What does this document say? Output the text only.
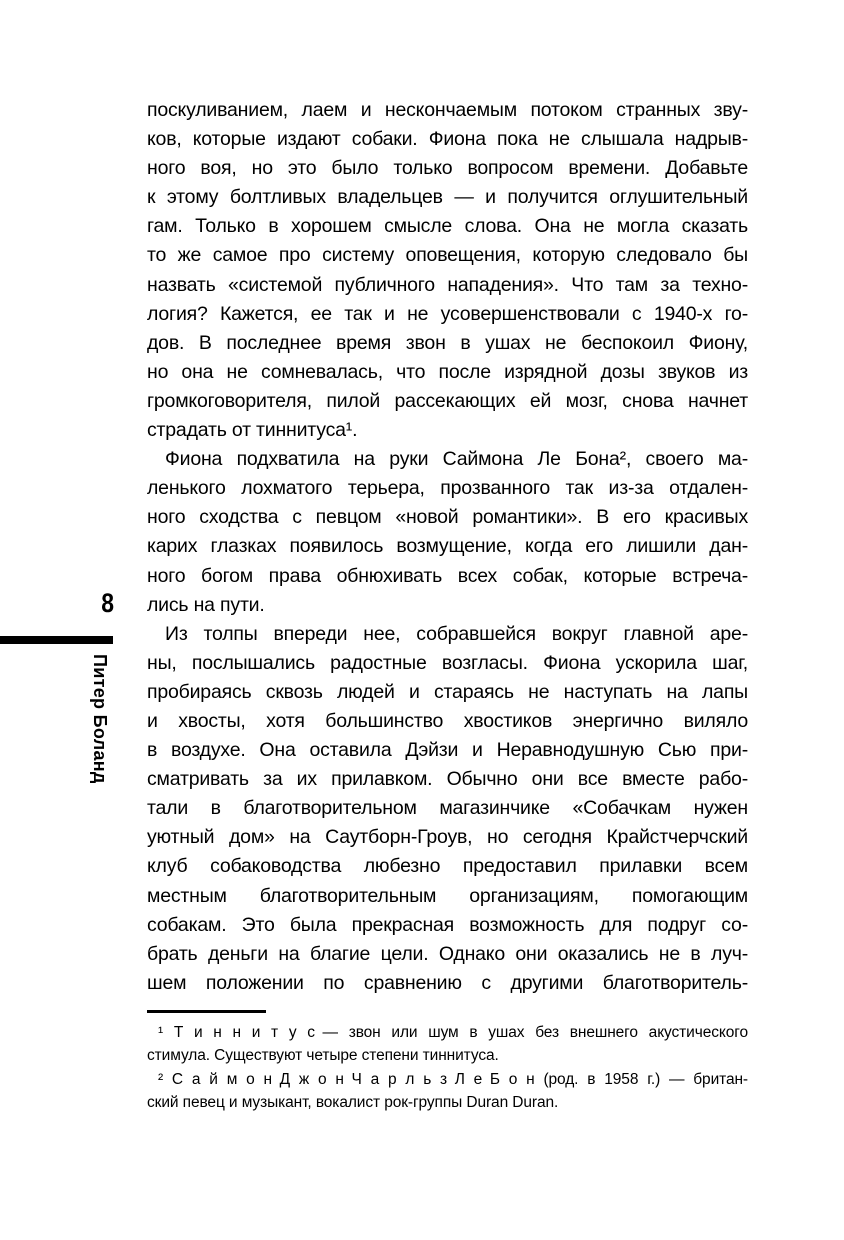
8
Питер Боланд
поскуливанием, лаем и нескончаемым потоком странных зву-
ков, которые издают собаки. Фиона пока не слышала надрыв-
ного воя, но это было только вопросом времени. Добавьте
к этому болтливых владельцев — и получится оглушительный
гам. Только в хорошем смысле слова. Она не могла сказать
то же самое про систему оповещения, которую следовало бы
назвать «системой публичного нападения». Что там за техно-
логия? Кажется, ее так и не усовершенствовали с 1940-х го-
дов. В последнее время звон в ушах не беспокоил Фиону,
но она не сомневалась, что после изрядной дозы звуков из
громкоговорителя, пилой рассекающих ей мозг, снова начнет
страдать от тиннитуса¹.
Фиона подхватила на руки Саймона Ле Бона², своего ма-
ленького лохматого терьера, прозванного так из-за отдален-
ного сходства с певцом «новой романтики». В его красивых
карих глазках появилось возмущение, когда его лишили дан-
ного богом права обнюхивать всех собак, которые встреча-
лись на пути.
Из толпы впереди нее, собравшейся вокруг главной аре-
ны, послышались радостные возгласы. Фиона ускорила шаг,
пробираясь сквозь людей и стараясь не наступать на лапы
и хвосты, хотя большинство хвостиков энергично виляло
в воздухе. Она оставила Дэйзи и Неравнодушную Сью при-
сматривать за их прилавком. Обычно они все вместе рабо-
тали в благотворительном магазинчике «Собачкам нужен
уютный дом» на Саутборн-Гроув, но сегодня Крайстчерчский
клуб собаководства любезно предоставил прилавки всем
местным благотворительным организациям, помогающим
собакам. Это была прекрасная возможность для подруг со-
брать деньги на благие цели. Однако они оказались не в луч-
шем положении по сравнению с другими благотворитель-
¹ Т и н н и т у с — звон или шум в ушах без внешнего акустического
стимула. Существуют четыре степени тиннитуса.
² С а й м о н Д ж о н Ч а р л ь з Л е Б о н (род. в 1958 г.) — британ-
ский певец и музыкант, вокалист рок-группы Duran Duran.
